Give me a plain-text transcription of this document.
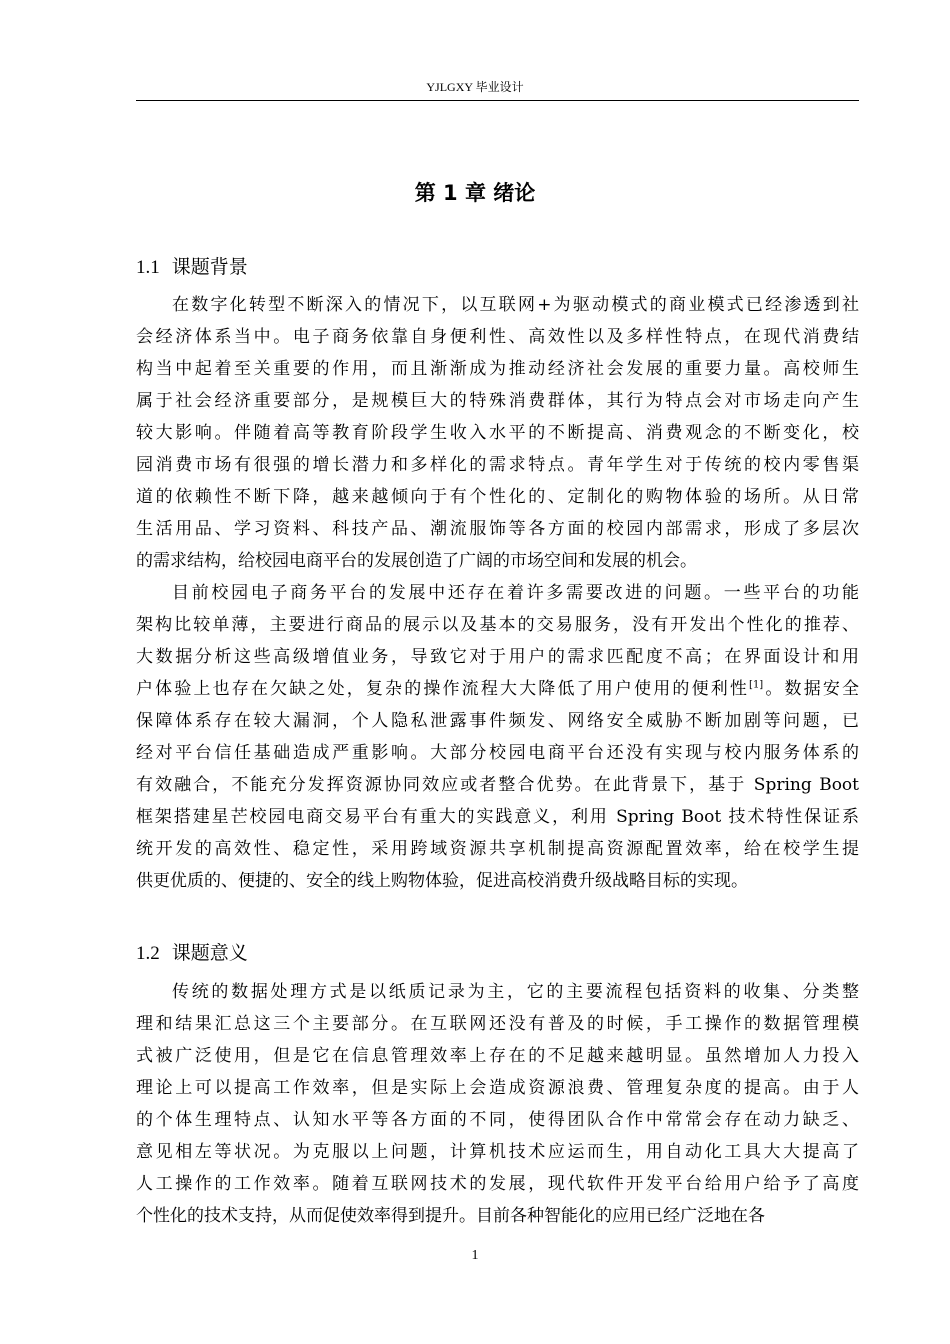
YJLGXY 毕业设计
第 1 章 绪论
1.1 课题背景
在数字化转型不断深入的情况下，以互联网+为驱动模式的商业模式已经渗透到社
会经济体系当中。电子商务依靠自身便利性、高效性以及多样性特点，在现代消费结
构当中起着至关重要的作用，而且渐渐成为推动经济社会发展的重要力量。高校师生
属于社会经济重要部分，是规模巨大的特殊消费群体，其行为特点会对市场走向产生
较大影响。伴随着高等教育阶段学生收入水平的不断提高、消费观念的不断变化，校
园消费市场有很强的增长潜力和多样化的需求特点。青年学生对于传统的校内零售渠
道的依赖性不断下降，越来越倾向于有个性化的、定制化的购物体验的场所。从日常
生活用品、学习资料、科技产品、潮流服饰等各方面的校园内部需求，形成了多层次
的需求结构，给校园电商平台的发展创造了广阔的市场空间和发展的机会。
目前校园电子商务平台的发展中还存在着许多需要改进的问题。一些平台的功能
架构比较单薄，主要进行商品的展示以及基本的交易服务，没有开发出个性化的推荐、
大数据分析这些高级增值业务，导致它对于用户的需求匹配度不高；在界面设计和用
户体验上也存在欠缺之处，复杂的操作流程大大降低了用户使用的便利性[1]。数据安全
保障体系存在较大漏洞，个人隐私泄露事件频发、网络安全威胁不断加剧等问题，已
经对平台信任基础造成严重影响。大部分校园电商平台还没有实现与校内服务体系的
有效融合，不能充分发挥资源协同效应或者整合优势。在此背景下，基于 Spring Boot
框架搭建星芒校园电商交易平台有重大的实践意义，利用 Spring Boot 技术特性保证系
统开发的高效性、稳定性，采用跨域资源共享机制提高资源配置效率，给在校学生提
供更优质的、便捷的、安全的线上购物体验，促进高校消费升级战略目标的实现。
1.2 课题意义
传统的数据处理方式是以纸质记录为主，它的主要流程包括资料的收集、分类整
理和结果汇总这三个主要部分。在互联网还没有普及的时候，手工操作的数据管理模
式被广泛使用，但是它在信息管理效率上存在的不足越来越明显。虽然增加人力投入
理论上可以提高工作效率，但是实际上会造成资源浪费、管理复杂度的提高。由于人
的个体生理特点、认知水平等各方面的不同，使得团队合作中常常会存在动力缺乏、
意见相左等状况。为克服以上问题，计算机技术应运而生，用自动化工具大大提高了
人工操作的工作效率。随着互联网技术的发展，现代软件开发平台给用户给予了高度
个性化的技术支持，从而促使效率得到提升。目前各种智能化的应用已经广泛地在各
1
